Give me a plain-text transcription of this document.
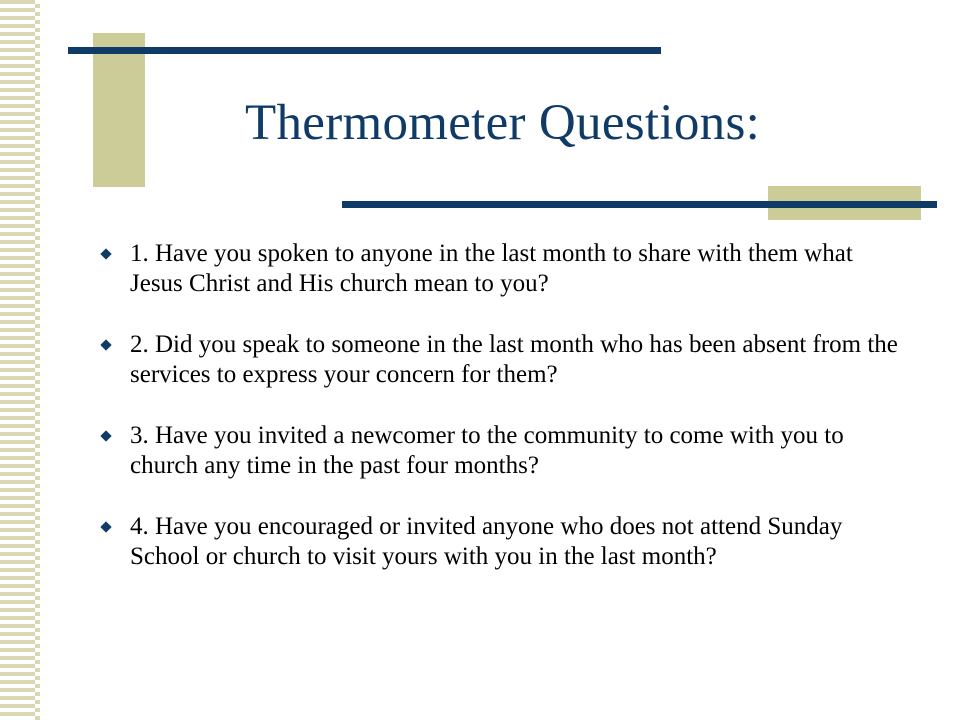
Thermometer Questions:
1. Have you spoken to anyone in the last month to share with them what Jesus Christ and His church mean to you?
2. Did you speak to someone in the last month who has been absent from the services to express your concern for them?
3. Have you invited a newcomer to the community to come with you to church any time in the past four months?
4. Have you encouraged or invited anyone who does not attend Sunday School or church to visit yours with you in the last month?
